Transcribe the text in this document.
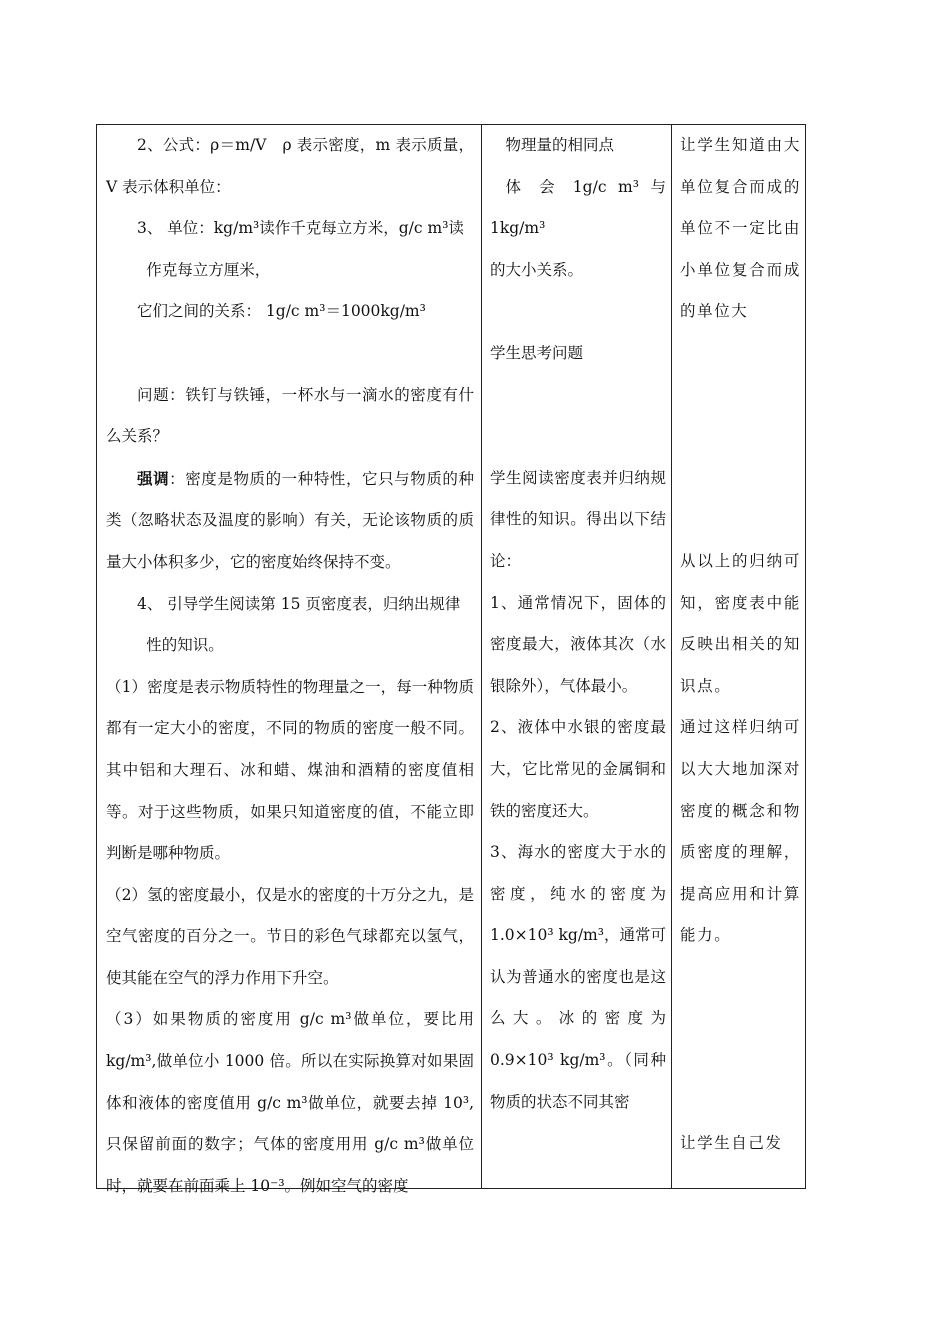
2、公式：ρ＝m/V　ρ 表示密度，m 表示质量，V 表示体积单位：

3、 单位：kg/m³读作千克每立方米，g/c m³读

作克每立方厘米，

它们之间的关系： 1g/c m³＝1000kg/m³

问题：铁钉与铁锤，一杯水与一滴水的密度有什么关系？

强调：密度是物质的一种特性，它只与物质的种类（忽略状态及温度的影响）有关，无论该物质的质量大小体积多少，它的密度始终保持不变。

4、 引导学生阅读第 15 页密度表，归纳出规律

性的知识。

（1）密度是表示物质特性的物理量之一，每一种物质都有一定大小的密度，不同的物质的密度一般不同。其中铝和大理石、冰和蜡、煤油和酒精的密度值相等。对于这些物质，如果只知道密度的值，不能立即判断是哪种物质。

（2）氢的密度最小，仅是水的密度的十万分之九，是空气密度的百分之一。节日的彩色气球都充以氢气，使其能在空气的浮力作用下升空。

（3）如果物质的密度用 g/c m³做单位，要比用 kg/m³,做单位小 1000 倍。所以在实际换算对如果固体和液体的密度值用 g/c m³做单位，就要去掉 10³,只保留前面的数字；气体的密度用用 g/c m³做单位时，就要在前面乘上 10⁻³。例如空气的密度

物理量的相同点

体 会 1g/c m³ 与 1kg/m³

的大小关系。

学生思考问题

学生阅读密度表并归纳规律性的知识。得出以下结论：

1、通常情况下，固体的密度最大，液体其次（水银除外），气体最小。

2、液体中水银的密度最大，它比常见的金属铜和铁的密度还大。

3、海水的密度大于水的密度，纯水的密度为 1.0×10³ kg/m³，通常可认为普通水的密度也是这么大。冰的密度为 0.9×10³ kg/m³。（同种物质的状态不同其密

让学生知道由大单位复合而成的单位不一定比由小单位复合而成的单位大

从以上的归纳可知，密度表中能反映出相关的知识点。

通过这样归纳可以大大地加深对密度的概念和物质密度的理解，提高应用和计算能力。

让学生自己发
